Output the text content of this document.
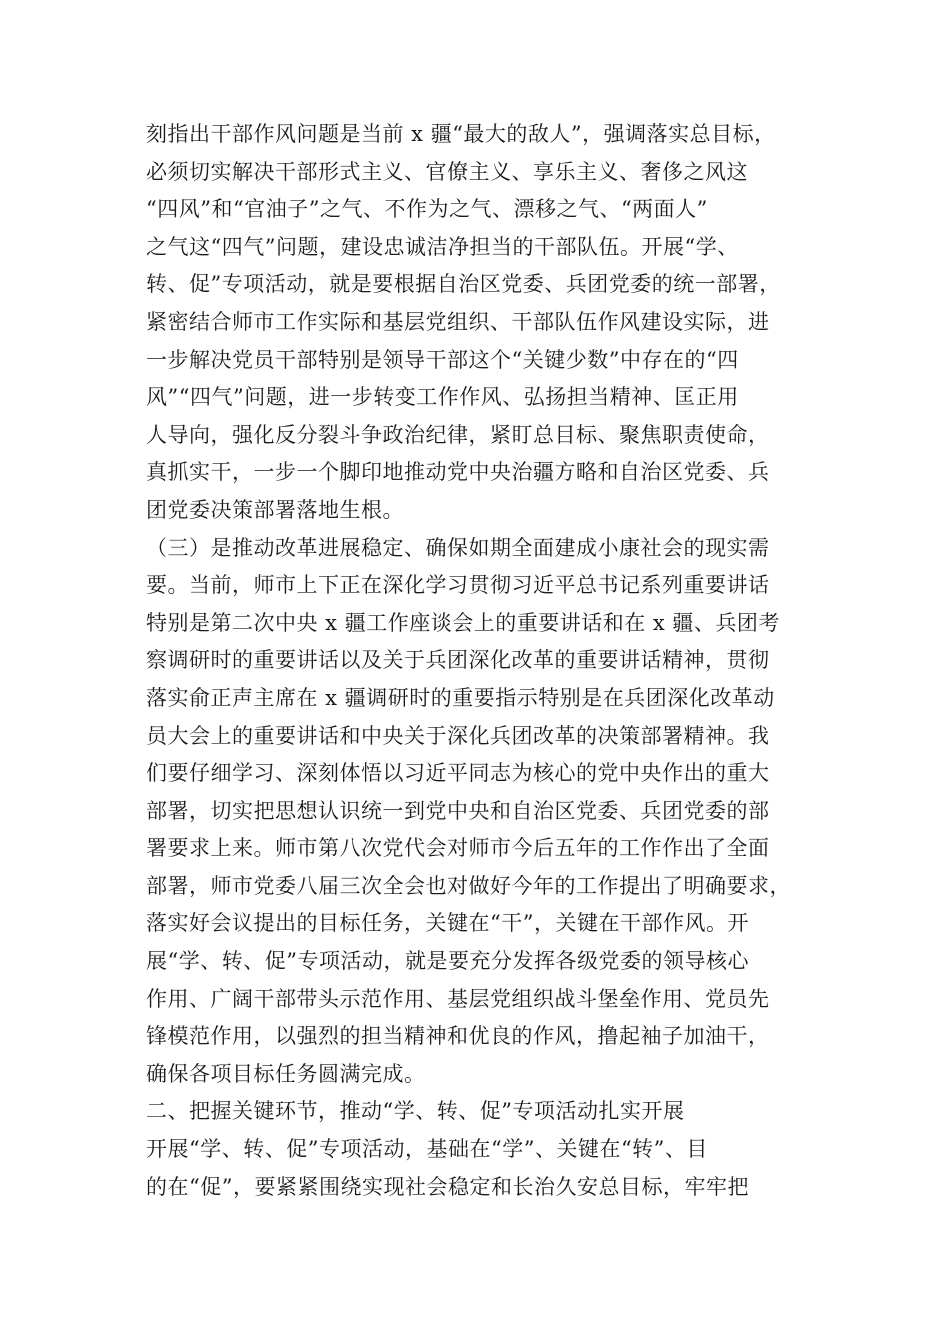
刻指出干部作风问题是当前 x 疆“最大的敌人”，强调落实总目标，
必须切实解决干部形式主义、官僚主义、享乐主义、奢侈之风这
“四风”和“官油子”之气、不作为之气、漂移之气、“两面人”
之气这“四气”问题，建设忠诚洁净担当的干部队伍。开展“学、
转、促”专项活动，就是要根据自治区党委、兵团党委的统一部署，
紧密结合师市工作实际和基层党组织、干部队伍作风建设实际，进
一步解决党员干部特别是领导干部这个“关键少数”中存在的“四
风”“四气”问题，进一步转变工作作风、弘扬担当精神、匡正用
人导向，强化反分裂斗争政治纪律，紧盯总目标、聚焦职责使命，
真抓实干，一步一个脚印地推动党中央治疆方略和自治区党委、兵
团党委决策部署落地生根。
（三）是推动改革进展稳定、确保如期全面建成小康社会的现实需
要。当前，师市上下正在深化学习贯彻习近平总书记系列重要讲话
特别是第二次中央 x 疆工作座谈会上的重要讲话和在 x 疆、兵团考
察调研时的重要讲话以及关于兵团深化改革的重要讲话精神，贯彻
落实俞正声主席在 x 疆调研时的重要指示特别是在兵团深化改革动
员大会上的重要讲话和中央关于深化兵团改革的决策部署精神。我
们要仔细学习、深刻体悟以习近平同志为核心的党中央作出的重大
部署，切实把思想认识统一到党中央和自治区党委、兵团党委的部
署要求上来。师市第八次党代会对师市今后五年的工作作出了全面
部署，师市党委八届三次全会也对做好今年的工作提出了明确要求，
落实好会议提出的目标任务，关键在“干”，关键在干部作风。开
展“学、转、促”专项活动，就是要充分发挥各级党委的领导核心
作用、广阔干部带头示范作用、基层党组织战斗堡垒作用、党员先
锋模范作用，以强烈的担当精神和优良的作风，撸起袖子加油干，
确保各项目标任务圆满完成。
二、把握关键环节，推动“学、转、促”专项活动扎实开展
开展“学、转、促”专项活动，基础在“学”、关键在“转”、目
的在“促”，要紧紧围绕实现社会稳定和长治久安总目标，牢牢把
